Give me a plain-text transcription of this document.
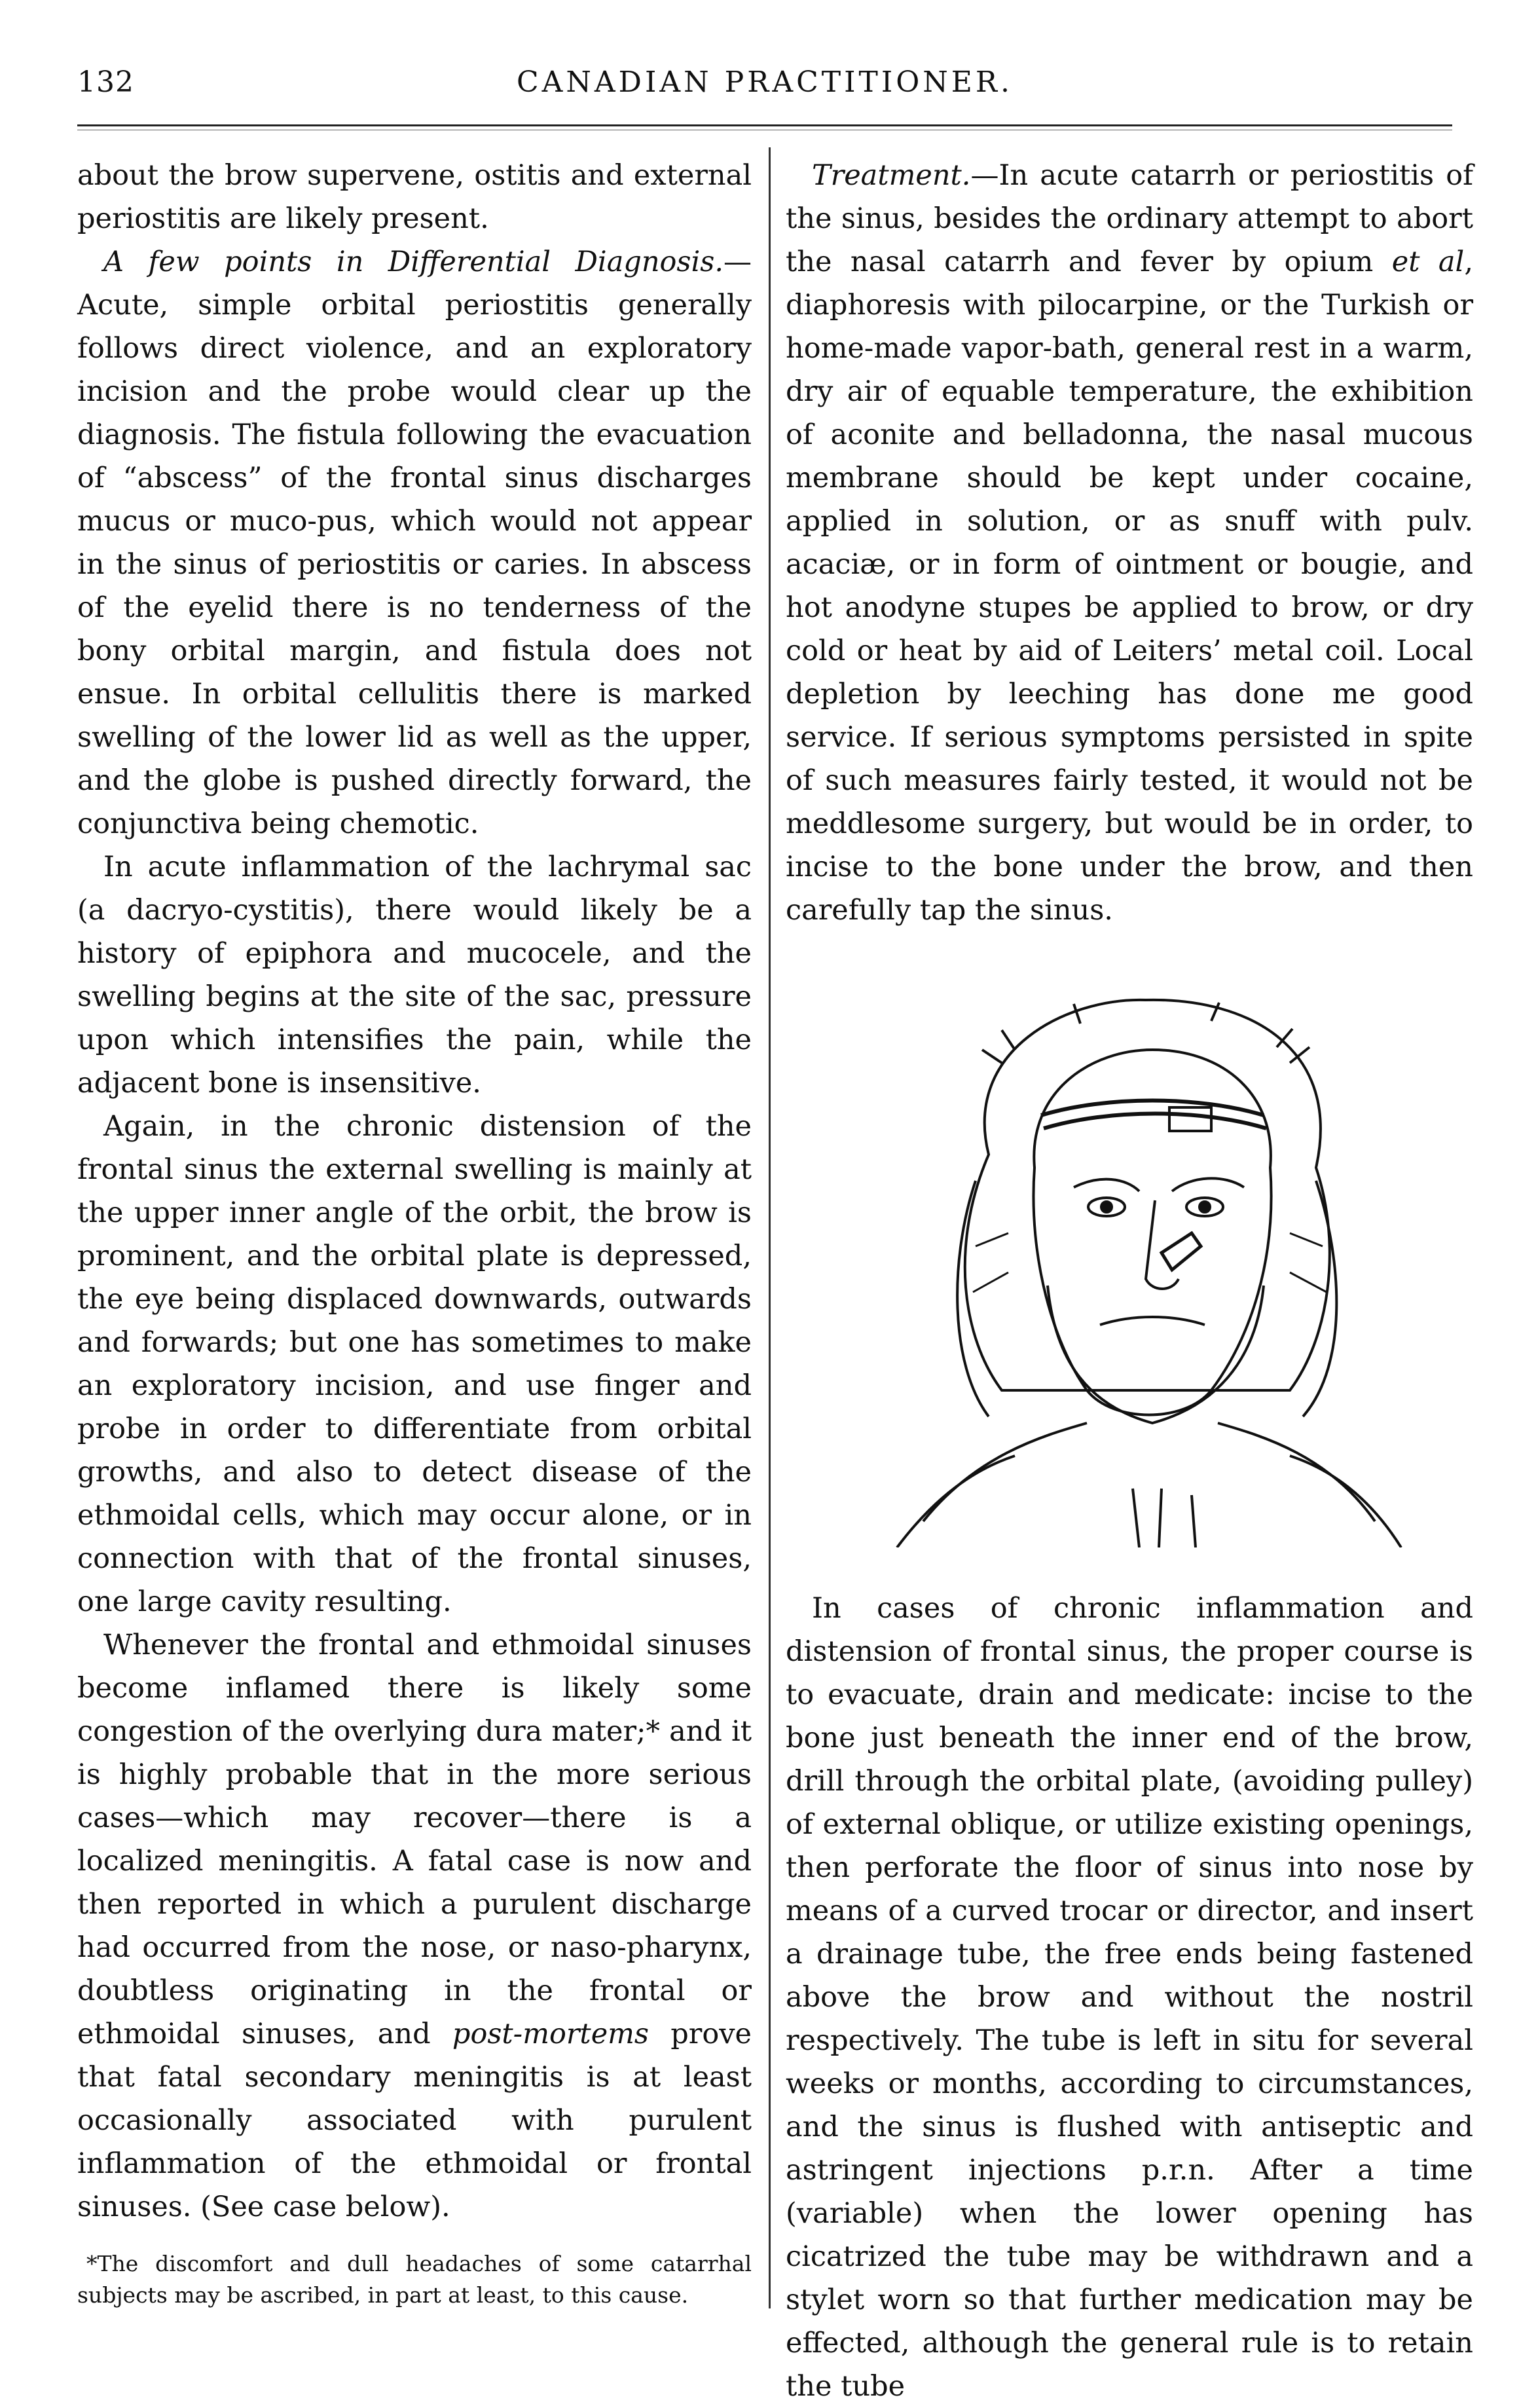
132	CANADIAN PRACTITIONER.

about the brow supervene, ostitis and external periostitis are likely present.

A few points in Differential Diagnosis.— Acute, simple orbital periostitis generally follows direct violence, and an exploratory incision and the probe would clear up the diagnosis. The fistula following the evacuation of “abscess” of the frontal sinus discharges mucus or muco-pus, which would not appear in the sinus of periostitis or caries. In abscess of the eyelid there is no tenderness of the bony orbital margin, and fistula does not ensue. In orbital cellulitis there is marked swelling of the lower lid as well as the upper, and the globe is pushed directly forward, the conjunctiva being chemotic.

In acute inflammation of the lachrymal sac (a dacryo-cystitis), there would likely be a history of epiphora and mucocele, and the swelling begins at the site of the sac, pressure upon which intensifies the pain, while the adjacent bone is insensitive.

Again, in the chronic distension of the frontal sinus the external swelling is mainly at the upper inner angle of the orbit, the brow is prominent, and the orbital plate is depressed, the eye being displaced downwards, outwards and forwards; but one has sometimes to make an exploratory incision, and use finger and probe in order to differentiate from orbital growths, and also to detect disease of the ethmoidal cells, which may occur alone, or in connection with that of the frontal sinuses, one large cavity resulting.

Whenever the frontal and ethmoidal sinuses become inflamed there is likely some congestion of the overlying dura mater;* and it is highly probable that in the more serious cases—which may recover—there is a localized meningitis. A fatal case is now and then reported in which a purulent discharge had occurred from the nose, or naso-pharynx, doubtless originating in the frontal or ethmoidal sinuses, and post-mortems prove that fatal secondary meningitis is at least occasionally associated with purulent inflammation of the ethmoidal or frontal sinuses. (See case below).

*The discomfort and dull headaches of some catarrhal subjects may be ascribed, in part at least, to this cause.

Treatment.—In acute catarrh or periostitis of the sinus, besides the ordinary attempt to abort the nasal catarrh and fever by opium et al, diaphoresis with pilocarpine, or the Turkish or home-made vapor-bath, general rest in a warm, dry air of equable temperature, the exhibition of aconite and belladonna, the nasal mucous membrane should be kept under cocaine, applied in solution, or as snuff with pulv. acaciæ, or in form of ointment or bougie, and hot anodyne stupes be applied to brow, or dry cold or heat by aid of Leiters’ metal coil. Local depletion by leeching has done me good service. If serious symptoms persisted in spite of such measures fairly tested, it would not be meddlesome surgery, but would be in order, to incise to the bone under the brow, and then carefully tap the sinus.

In cases of chronic inflammation and distension of frontal sinus, the proper course is to evacuate, drain and medicate: incise to the bone just beneath the inner end of the brow, drill through the orbital plate, (avoiding pulley) of external oblique, or utilize existing openings, then perforate the floor of sinus into nose by means of a curved trocar or director, and insert a drainage tube, the free ends being fastened above the brow and without the nostril respectively. The tube is left in situ for several weeks or months, according to circumstances, and the sinus is flushed with antiseptic and astringent injections p.r.n. After a time (variable) when the lower opening has cicatrized the tube may be withdrawn and a stylet worn so that further medication may be effected, although the general rule is to retain the tube
